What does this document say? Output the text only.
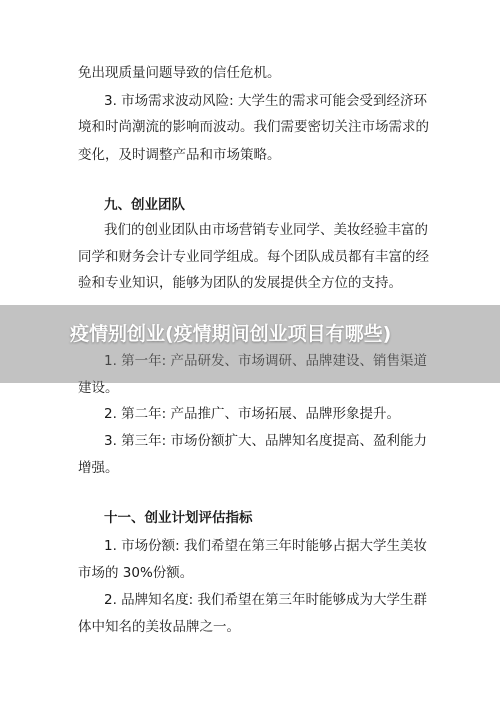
免出现质量问题导致的信任危机。
3. 市场需求波动风险: 大学生的需求可能会受到经济环
境和时尚潮流的影响而波动。我们需要密切关注市场需求的
变化，及时调整产品和市场策略。
九、创业团队
我们的创业团队由市场营销专业同学、美妆经验丰富的
同学和财务会计专业同学组成。每个团队成员都有丰富的经
验和专业知识，能够为团队的发展提供全方位的支持。
1. 第一年: 产品研发、市场调研、品牌建设、销售渠道
建设。
2. 第二年: 产品推广、市场拓展、品牌形象提升。
3. 第三年: 市场份额扩大、品牌知名度提高、盈利能力
增强。
十一、创业计划评估指标
1. 市场份额: 我们希望在第三年时能够占据大学生美妆
市场的 30%份额。
2. 品牌知名度: 我们希望在第三年时能够成为大学生群
体中知名的美妆品牌之一。
疫情别创业(疫情期间创业项目有哪些)
